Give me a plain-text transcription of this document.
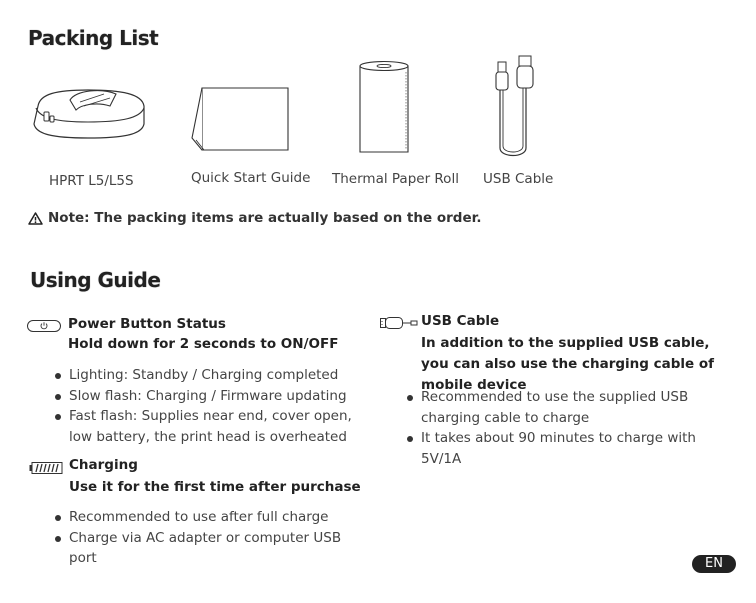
Packing List
HPRT L5/L5S	Quick Start Guide Thermal Paper Roll USB Cable
Note: The packing items are actually based on the order.
Using Guide
Power Button Status
Hold down for 2 seconds to ON/OFF
Lighting: Standby / Charging completed
Slow flash: Charging / Firmware updating
Fast flash: Supplies near end, cover open, low battery, the print head is overheated
Charging
Use it for the first time after purchase
Recommended to use after full charge
Charge via AC adapter or computer USB port
USB Cable
In addition to the supplied USB cable, you can also use the charging cable of mobile device
Recommended to use the supplied USB charging cable to charge
It takes about 90 minutes to charge with 5V/1A
EN
